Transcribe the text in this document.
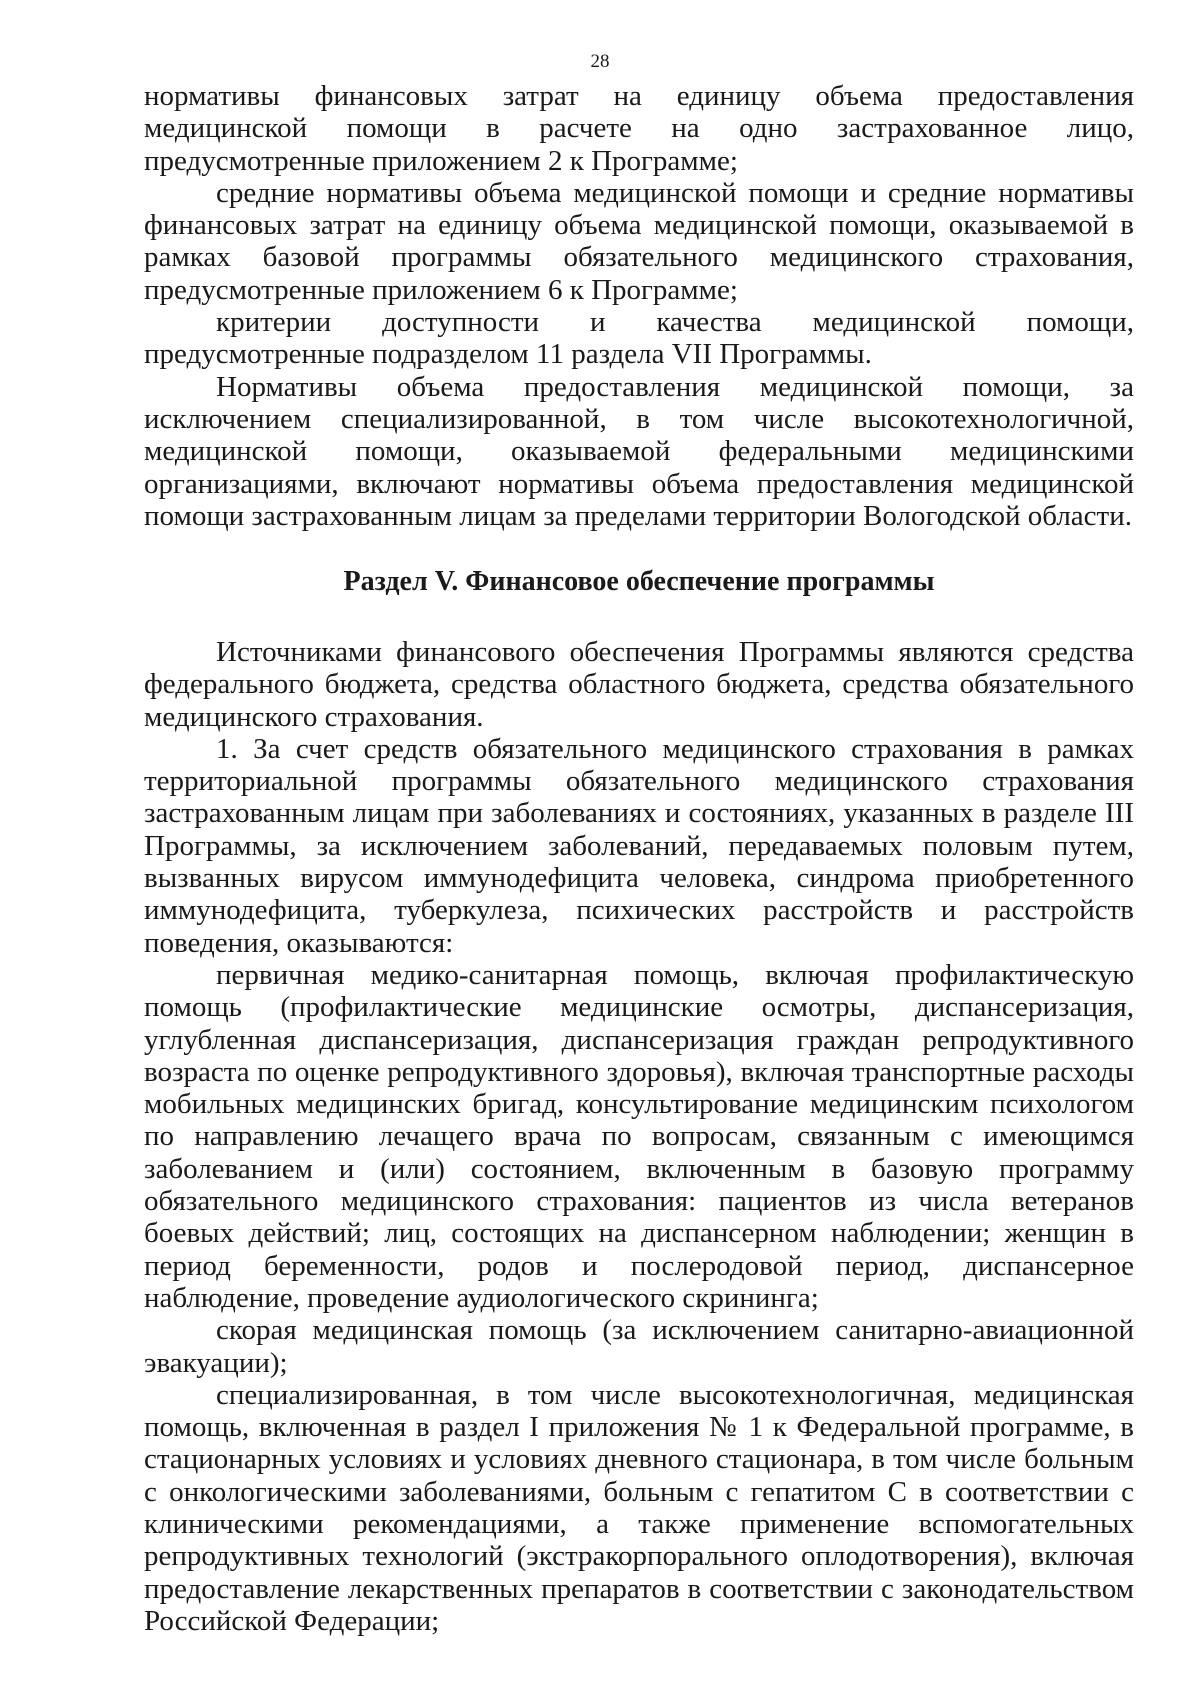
28

нормативы финансовых затрат на единицу объема предоставления медицинской помощи в расчете на одно застрахованное лицо, предусмотренные приложением 2 к Программе;

средние нормативы объема медицинской помощи и средние нормативы финансовых затрат на единицу объема медицинской помощи, оказываемой в рамках базовой программы обязательного медицинского страхования, предусмотренные приложением 6 к Программе;

критерии доступности и качества медицинской помощи, предусмотренные подразделом 11 раздела VII Программы.

Нормативы объема предоставления медицинской помощи, за исключением специализированной, в том числе высокотехнологичной, медицинской помощи, оказываемой федеральными медицинскими организациями, включают нормативы объема предоставления медицинской помощи застрахованным лицам за пределами территории Вологодской области.

Раздел V. Финансовое обеспечение программы

Источниками финансового обеспечения Программы являются средства федерального бюджета, средства областного бюджета, средства обязательного медицинского страхования.

1. За счет средств обязательного медицинского страхования в рамках территориальной программы обязательного медицинского страхования застрахованным лицам при заболеваниях и состояниях, указанных в разделе III Программы, за исключением заболеваний, передаваемых половым путем, вызванных вирусом иммунодефицита человека, синдрома приобретенного иммунодефицита, туберкулеза, психических расстройств и расстройств поведения, оказываются:

первичная медико-санитарная помощь, включая профилактическую помощь (профилактические медицинские осмотры, диспансеризация, углубленная диспансеризация, диспансеризация граждан репродуктивного возраста по оценке репродуктивного здоровья), включая транспортные расходы мобильных медицинских бригад, консультирование медицинским психологом по направлению лечащего врача по вопросам, связанным с имеющимся заболеванием и (или) состоянием, включенным в базовую программу обязательного медицинского страхования: пациентов из числа ветеранов боевых действий; лиц, состоящих на диспансерном наблюдении; женщин в период беременности, родов и послеродовой период, диспансерное наблюдение, проведение аудиологического скрининга;

скорая медицинская помощь (за исключением санитарно-авиационной эвакуации);

специализированная, в том числе высокотехнологичная, медицинская помощь, включенная в раздел I приложения № 1 к Федеральной программе, в стационарных условиях и условиях дневного стационара, в том числе больным с онкологическими заболеваниями, больным с гепатитом С в соответствии с клиническими рекомендациями, а также применение вспомогательных репродуктивных технологий (экстракорпорального оплодотворения), включая предоставление лекарственных препаратов в соответствии с законодательством Российской Федерации;
